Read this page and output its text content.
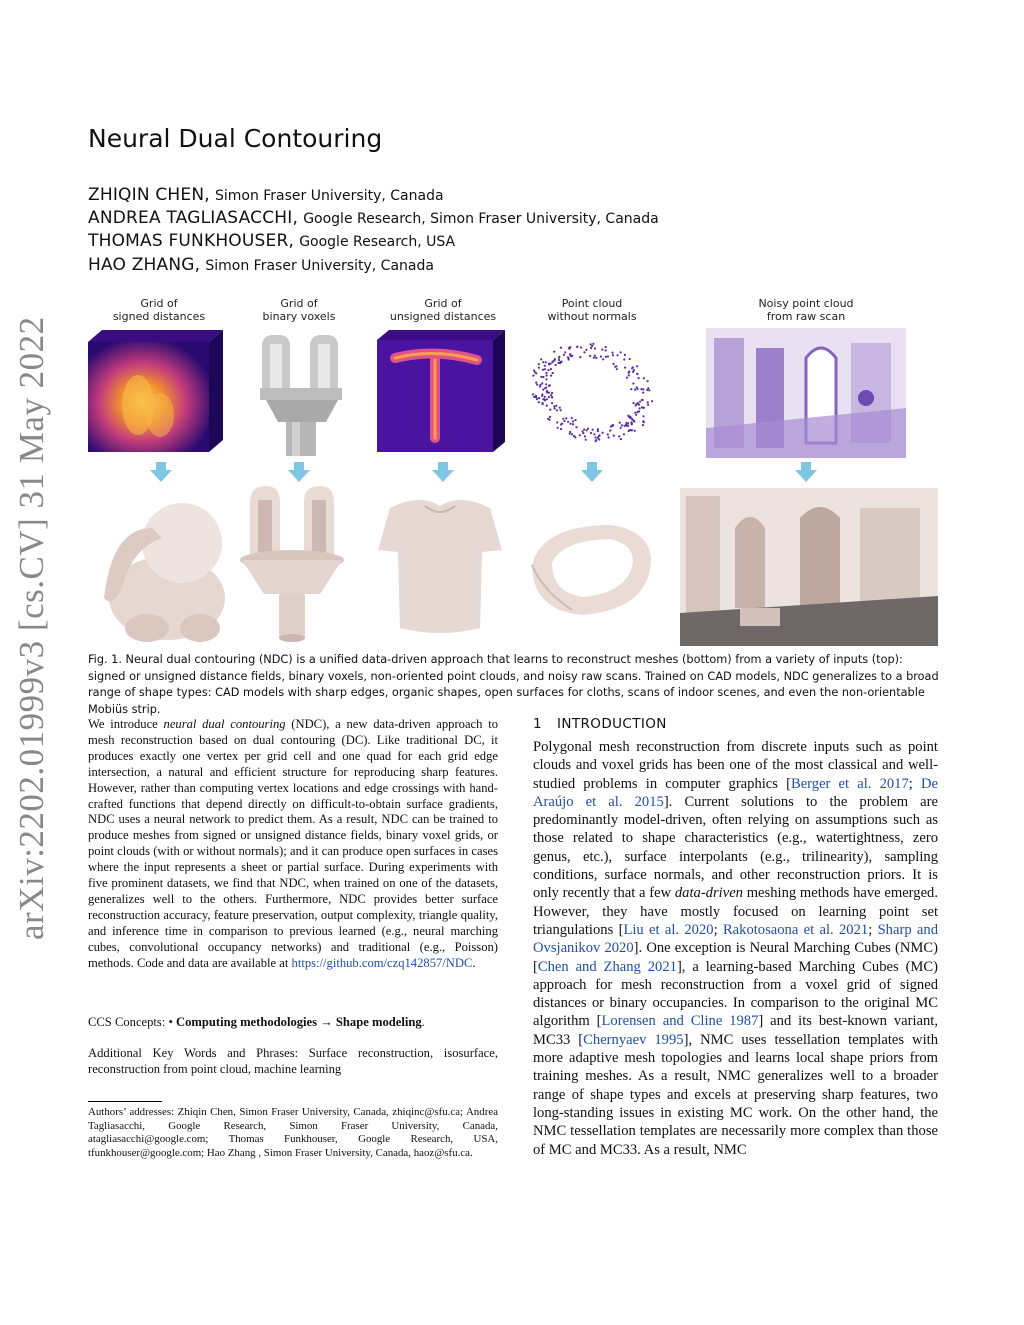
arXiv:2202.01999v3 [cs.CV] 31 May 2022
Neural Dual Contouring
ZHIQIN CHEN, Simon Fraser University, Canada
ANDREA TAGLIASACCHI, Google Research, Simon Fraser University, Canada
THOMAS FUNKHOUSER, Google Research, USA
HAO ZHANG, Simon Fraser University, Canada
Grid of
signed distances
Grid of
binary voxels
Grid of
unsigned distances
Point cloud
without normals
Noisy point cloud
from raw scan

Fig. 1. Neural dual contouring (NDC) is a unified data-driven approach that learns to reconstruct meshes (bottom) from a variety of inputs (top): signed or unsigned distance fields, binary voxels, non-oriented point clouds, and noisy raw scans. Trained on CAD models, NDC generalizes to a broad range of shape types: CAD models with sharp edges, organic shapes, open surfaces for cloths, scans of indoor scenes, and even the non-orientable Mobiüs strip.

We introduce neural dual contouring (NDC), a new data-driven approach to mesh reconstruction based on dual contouring (DC). Like traditional DC, it produces exactly one vertex per grid cell and one quad for each grid edge intersection, a natural and efficient structure for reproducing sharp features. However, rather than computing vertex locations and edge crossings with hand-crafted functions that depend directly on difficult-to-obtain surface gradients, NDC uses a neural network to predict them. As a result, NDC can be trained to produce meshes from signed or unsigned distance fields, binary voxel grids, or point clouds (with or without normals); and it can produce open surfaces in cases where the input represents a sheet or partial surface. During experiments with five prominent datasets, we find that NDC, when trained on one of the datasets, generalizes well to the others. Furthermore, NDC provides better surface reconstruction accuracy, feature preservation, output complexity, triangle quality, and inference time in comparison to previous learned (e.g., neural marching cubes, convolutional occupancy networks) and traditional (e.g., Poisson) methods. Code and data are available at https://github.com/czq142857/NDC.
CCS Concepts: • Computing methodologies → Shape modeling.
Additional Key Words and Phrases: Surface reconstruction, isosurface, reconstruction from point cloud, machine learning
Authors’ addresses: Zhiqin Chen, Simon Fraser University, Canada, zhiqinc@sfu.ca; Andrea Tagliasacchi, Google Research, Simon Fraser University, Canada, atagliasacchi@google.com; Thomas Funkhouser, Google Research, USA, tfunkhouser@google.com; Hao Zhang , Simon Fraser University, Canada, haoz@sfu.ca.
1 INTRODUCTION
Polygonal mesh reconstruction from discrete inputs such as point clouds and voxel grids has been one of the most classical and well-studied problems in computer graphics [Berger et al. 2017; De Araújo et al. 2015]. Current solutions to the problem are predominantly model-driven, often relying on assumptions such as those related to shape characteristics (e.g., watertightness, zero genus, etc.), surface interpolants (e.g., trilinearity), sampling conditions, surface normals, and other reconstruction priors. It is only recently that a few data-driven meshing methods have emerged. However, they have mostly focused on learning point set triangulations [Liu et al. 2020; Rakotosaona et al. 2021; Sharp and Ovsjanikov 2020]. One exception is Neural Marching Cubes (NMC) [Chen and Zhang 2021], a learning-based Marching Cubes (MC) approach for mesh reconstruction from a voxel grid of signed distances or binary occupancies. In comparison to the original MC algorithm [Lorensen and Cline 1987] and its best-known variant, MC33 [Chernyaev 1995], NMC uses tessellation templates with more adaptive mesh topologies and learns local shape priors from training meshes. As a result, NMC generalizes well to a broader range of shape types and excels at preserving sharp features, two long-standing issues in existing MC work. On the other hand, the NMC tessellation templates are necessarily more complex than those of MC and MC33. As a result, NMC
